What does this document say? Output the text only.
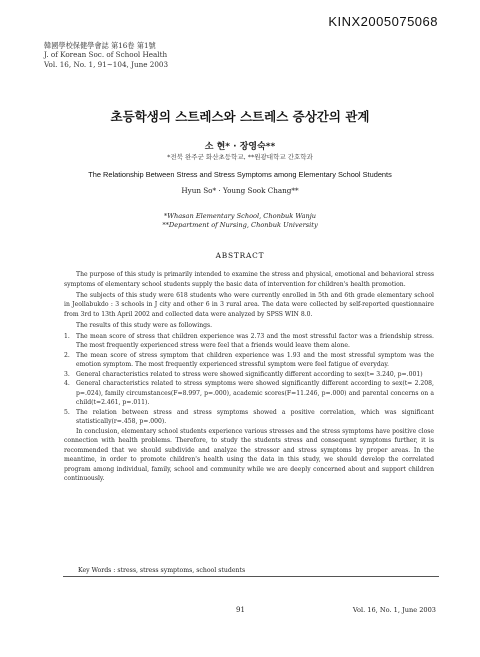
KINX2005075068
韓國學校保健學會誌 第16卷 第1號
J. of Korean Soc. of School Health
Vol. 16, No. 1, 91~104, June 2003
초등학생의 스트레스와 스트레스 증상간의 관계
소 현* · 장영숙**
*전북 완주군 화산초등학교, **원광대학교 간호학과
The Relationship Between Stress and Stress Symptoms among Elementary School Students
Hyun So* · Young Sook Chang**
*Whasan Elementary School, Chonbuk Wanju
**Department of Nursing, Chonbuk University
ABSTRACT

The purpose of this study is primarily intended to examine the stress and physical, emotional and behavioral stress symptoms of elementary school students supply the basic data of intervention for children's health promotion.

The subjects of this study were 618 students who were currently enrolled in 5th and 6th grade elementary school in Jeollabukdo : 3 schools in J city and other 6 in 3 rural area. The data were collected by self-reported questionnaire from 3rd to 13th April 2002 and collected data were analyzed by SPSS WIN 8.0.

The results of this study were as followings.

1. The mean score of stress that children experience was 2.73 and the most stressful factor was a friendship stress. The most frequently experienced stress were feel that a friends would leave them alone.
2. The mean score of stress symptom that children experience was 1.93 and the most stressful symptom was the emotion symptom. The most frequently experienced stressful symptom were feel fatigue of everyday.
3. General characteristics related to stress were showed significantly different according to sex(t= 3.240, p=.001)
4. General characteristics related to stress symptoms were showed significantly different according to sex(t= 2.208, p=.024), family circumstances(F=8.997, p=.000), academic scores(F=11.246, p=.000) and parental concerns on a child(t=2.461, p=.011).
5. The relation between stress and stress symptoms showed a positive correlation, which was significant statistically(r=.458, p=.000).

In conclusion, elementary school students experience various stresses and the stress symptoms have positive close connection with health problems. Therefore, to study the students stress and consequent symptoms further, it is recommended that we should subdivide and analyze the stressor and stress symptoms by proper areas. In the meantime, in order to promote children's health using the data in this study, we should develop the correlated program among individual, family, school and community while we are deeply concerned about and support children continuously.

Key Words : stress, stress symptoms, school students
91	Vol. 16, No. 1, June 2003
